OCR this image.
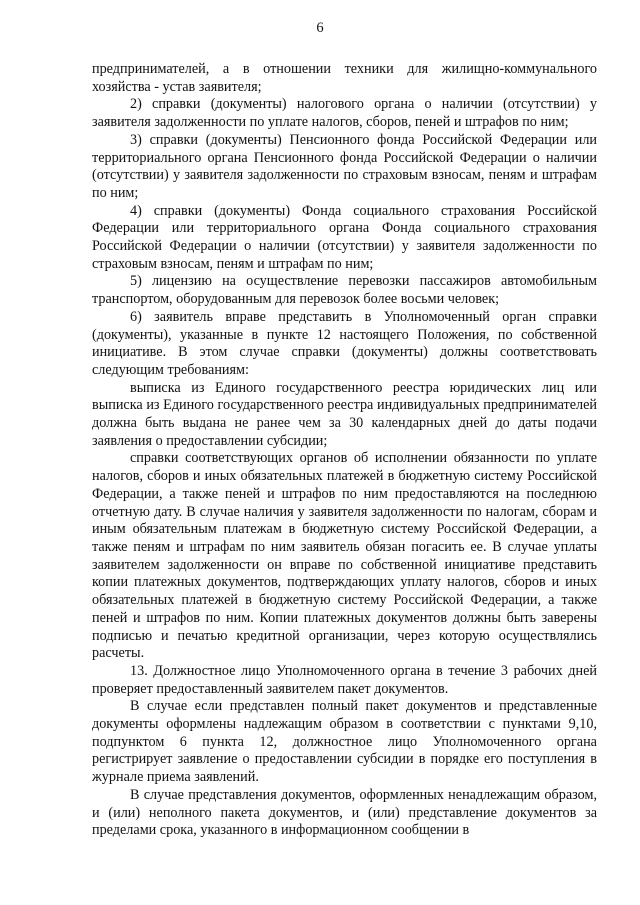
6

предпринимателей, а в отношении техники для жилищно-коммунального хозяйства - устав заявителя;

2) справки (документы) налогового органа о наличии (отсутствии) у заявителя задолженности по уплате налогов, сборов, пеней и штрафов по ним;

3) справки (документы) Пенсионного фонда Российской Федерации или территориального органа Пенсионного фонда Российской Федерации о наличии (отсутствии) у заявителя задолженности по страховым взносам, пеням и штрафам по ним;

4) справки (документы) Фонда социального страхования Российской Федерации или территориального органа Фонда социального страхования Российской Федерации о наличии (отсутствии) у заявителя задолженности по страховым взносам, пеням и штрафам по ним;

5) лицензию на осуществление перевозки пассажиров автомобильным транспортом, оборудованным для перевозок более восьми человек;

6) заявитель вправе представить в Уполномоченный орган справки (документы), указанные в пункте 12 настоящего Положения, по собственной инициативе. В этом случае справки (документы) должны соответствовать следующим требованиям:

выписка из Единого государственного реестра юридических лиц или выписка из Единого государственного реестра индивидуальных предпринимателей должна быть выдана не ранее чем за 30 календарных дней до даты подачи заявления о предоставлении субсидии;

справки соответствующих органов об исполнении обязанности по уплате налогов, сборов и иных обязательных платежей в бюджетную систему Российской Федерации, а также пеней и штрафов по ним предоставляются на последнюю отчетную дату. В случае наличия у заявителя задолженности по налогам, сборам и иным обязательным платежам в бюджетную систему Российской Федерации, а также пеням и штрафам по ним заявитель обязан погасить ее. В случае уплаты заявителем задолженности он вправе по собственной инициативе представить копии платежных документов, подтверждающих уплату налогов, сборов и иных обязательных платежей в бюджетную систему Российской Федерации, а также пеней и штрафов по ним. Копии платежных документов должны быть заверены подписью и печатью кредитной организации, через которую осуществлялись расчеты.

13. Должностное лицо Уполномоченного органа в течение 3 рабочих дней проверяет предоставленный заявителем пакет документов.

В случае если представлен полный пакет документов и представленные документы оформлены надлежащим образом в соответствии с пунктами 9,10, подпунктом 6 пункта 12, должностное лицо Уполномоченного органа регистрирует заявление о предоставлении субсидии в порядке его поступления в журнале приема заявлений.

В случае представления документов, оформленных ненадлежащим образом, и (или) неполного пакета документов, и (или) представление документов за пределами срока, указанного в информационном сообщении в
